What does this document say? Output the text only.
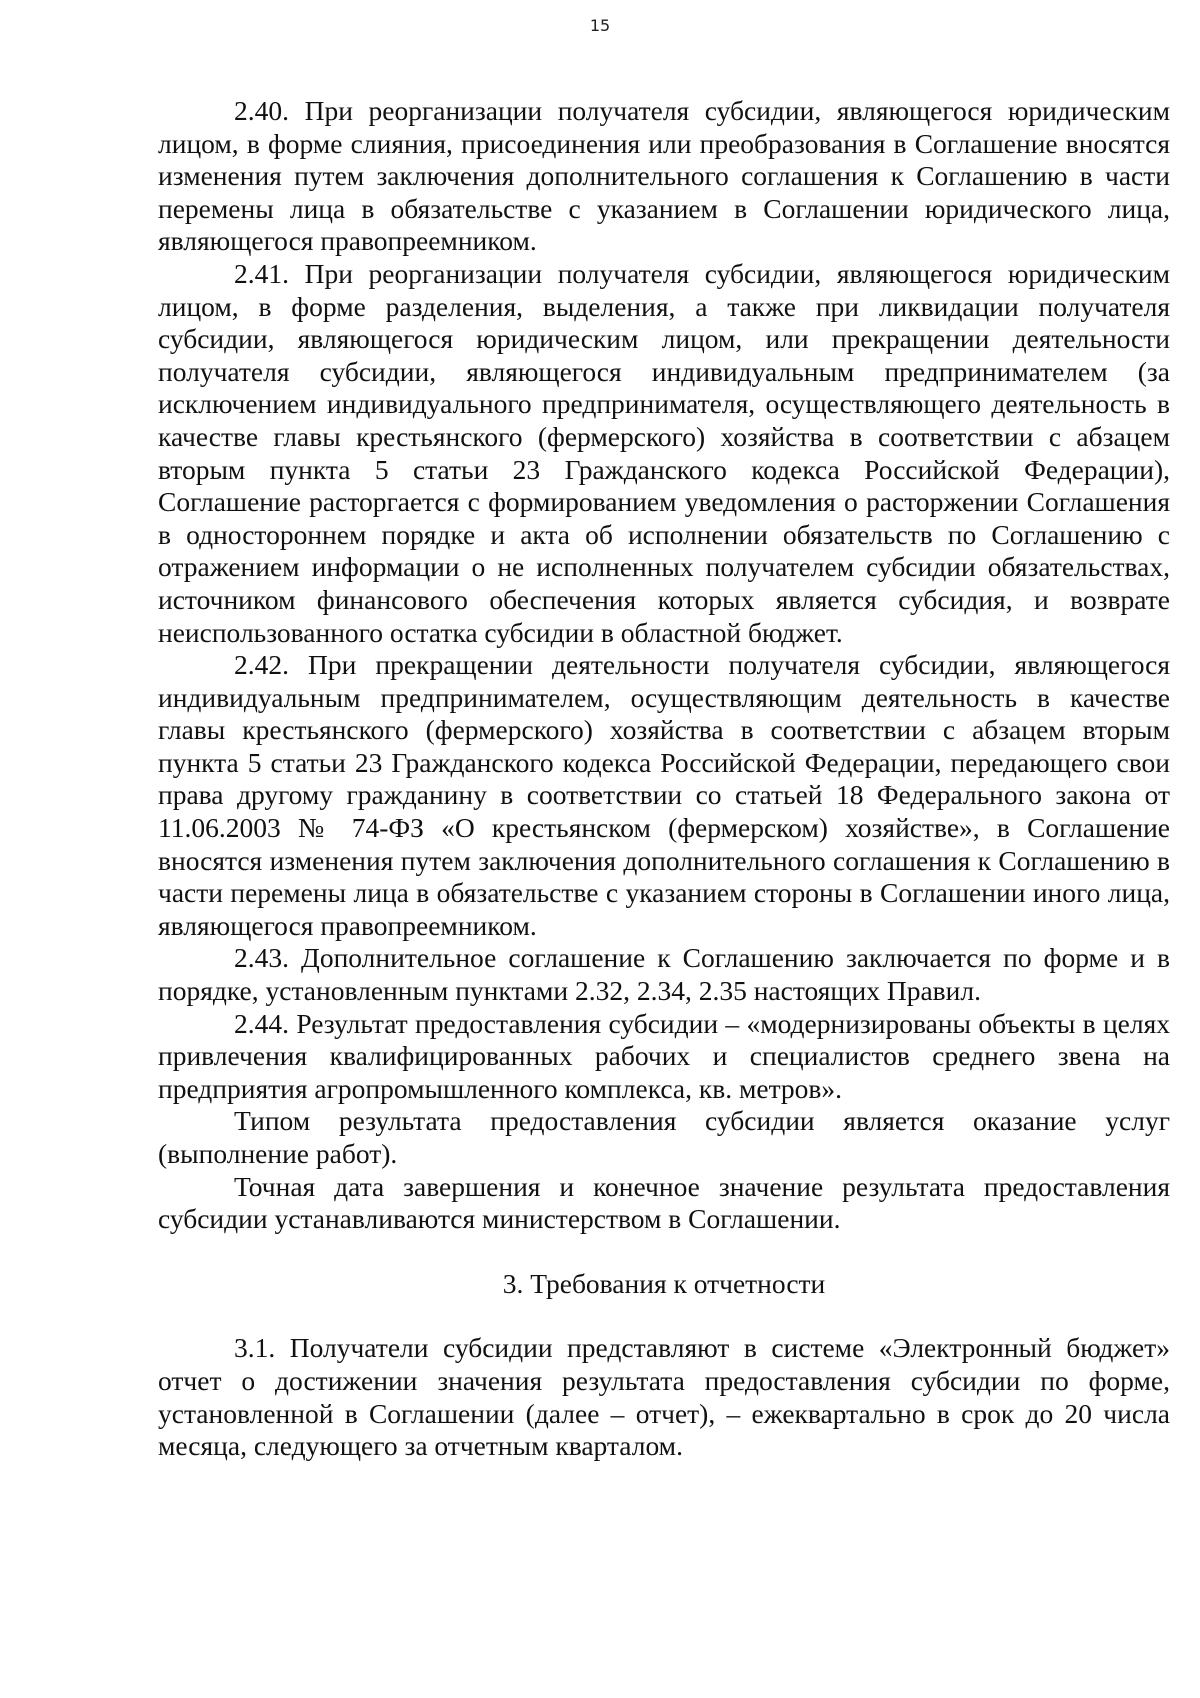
15

2.40. При реорганизации получателя субсидии, являющегося юридическим лицом, в форме слияния, присоединения или преобразования в Соглашение вносятся изменения путем заключения дополнительного соглашения к Соглашению в части перемены лица в обязательстве с указанием в Соглашении юридического лица, являющегося правопреемником.

2.41. При реорганизации получателя субсидии, являющегося юридическим лицом, в форме разделения, выделения, а также при ликвидации получателя субсидии, являющегося юридическим лицом, или прекращении деятельности получателя субсидии, являющегося индивидуальным предпринимателем (за исключением индивидуального предпринимателя, осуществляющего деятельность в качестве главы крестьянского (фермерского) хозяйства в соответствии с абзацем вторым пункта 5 статьи 23 Гражданского кодекса Российской Федерации), Соглашение расторгается с формированием уведомления о расторжении Соглашения в одностороннем порядке и акта об исполнении обязательств по Соглашению с отражением информации о не исполненных получателем субсидии обязательствах, источником финансового обеспечения которых является субсидия, и возврате неиспользованного остатка субсидии в областной бюджет.

2.42. При прекращении деятельности получателя субсидии, являющегося индивидуальным предпринимателем, осуществляющим деятельность в качестве главы крестьянского (фермерского) хозяйства в соответствии с абзацем вторым пункта 5 статьи 23 Гражданского кодекса Российской Федерации, передающего свои права другому гражданину в соответствии со статьей 18 Федерального закона от 11.06.2003 № 74-ФЗ «О крестьянском (фермерском) хозяйстве», в Соглашение вносятся изменения путем заключения дополнительного соглашения к Соглашению в части перемены лица в обязательстве с указанием стороны в Соглашении иного лица, являющегося правопреемником.

2.43. Дополнительное соглашение к Соглашению заключается по форме и в порядке, установленным пунктами 2.32, 2.34, 2.35 настоящих Правил.

2.44. Результат предоставления субсидии – «модернизированы объекты в целях привлечения квалифицированных рабочих и специалистов среднего звена на предприятия агропромышленного комплекса, кв. метров».

Типом результата предоставления субсидии является оказание услуг (выполнение работ).

Точная дата завершения и конечное значение результата предоставления субсидии устанавливаются министерством в Соглашении.

3. Требования к отчетности

3.1. Получатели субсидии представляют в системе «Электронный бюджет» отчет о достижении значения результата предоставления субсидии по форме, установленной в Соглашении (далее – отчет), – ежеквартально в срок до 20 числа месяца, следующего за отчетным кварталом.
